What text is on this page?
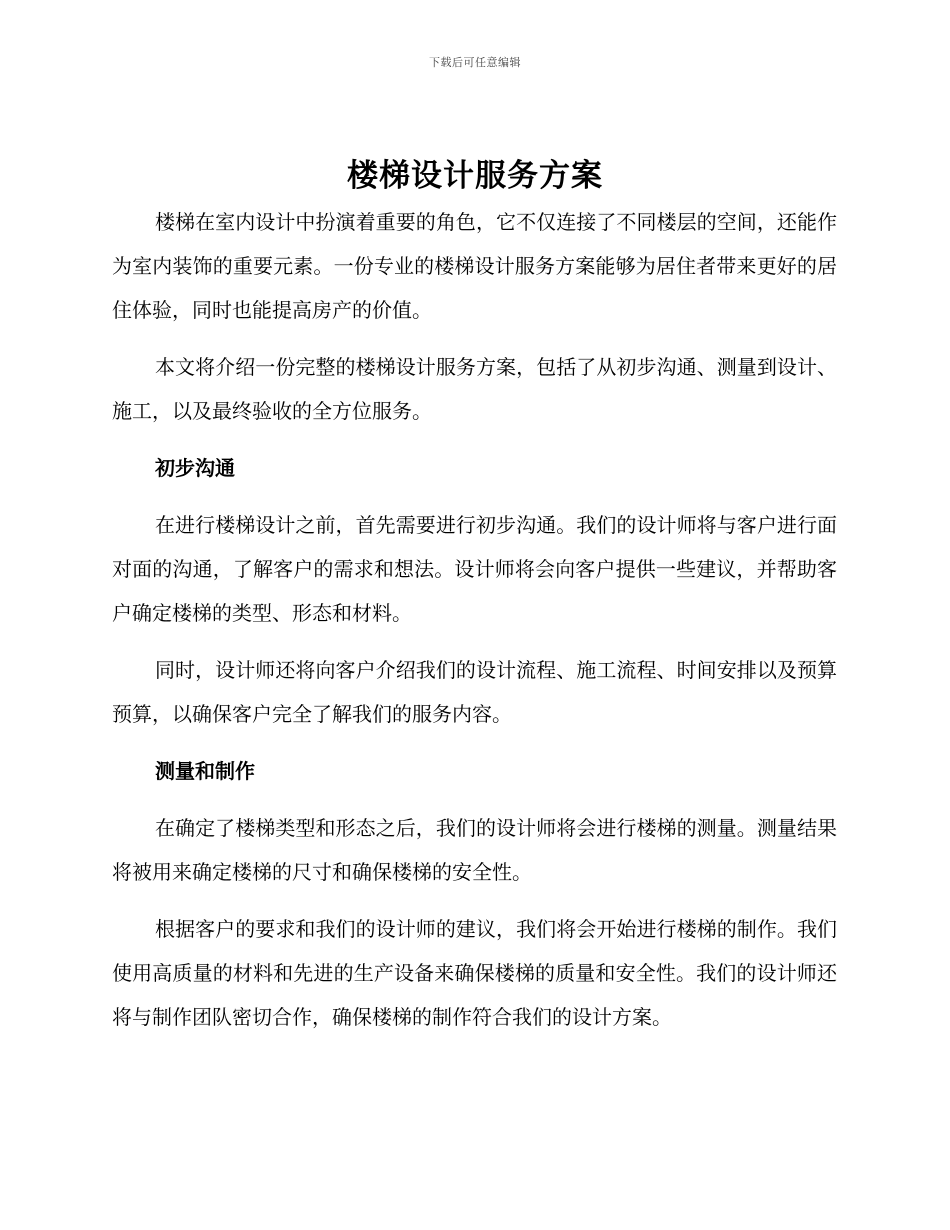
下载后可任意编辑
楼梯设计服务方案

楼梯在室内设计中扮演着重要的角色，它不仅连接了不同楼层的空间，还能作为室内装饰的重要元素。一份专业的楼梯设计服务方案能够为居住者带来更好的居住体验，同时也能提高房产的价值。

本文将介绍一份完整的楼梯设计服务方案，包括了从初步沟通、测量到设计、施工，以及最终验收的全方位服务。

初步沟通

在进行楼梯设计之前，首先需要进行初步沟通。我们的设计师将与客户进行面对面的沟通，了解客户的需求和想法。设计师将会向客户提供一些建议，并帮助客户确定楼梯的类型、形态和材料。

同时，设计师还将向客户介绍我们的设计流程、施工流程、时间安排以及预算预算，以确保客户完全了解我们的服务内容。

测量和制作

在确定了楼梯类型和形态之后，我们的设计师将会进行楼梯的测量。测量结果将被用来确定楼梯的尺寸和确保楼梯的安全性。

根据客户的要求和我们的设计师的建议，我们将会开始进行楼梯的制作。我们使用高质量的材料和先进的生产设备来确保楼梯的质量和安全性。我们的设计师还将与制作团队密切合作，确保楼梯的制作符合我们的设计方案。
